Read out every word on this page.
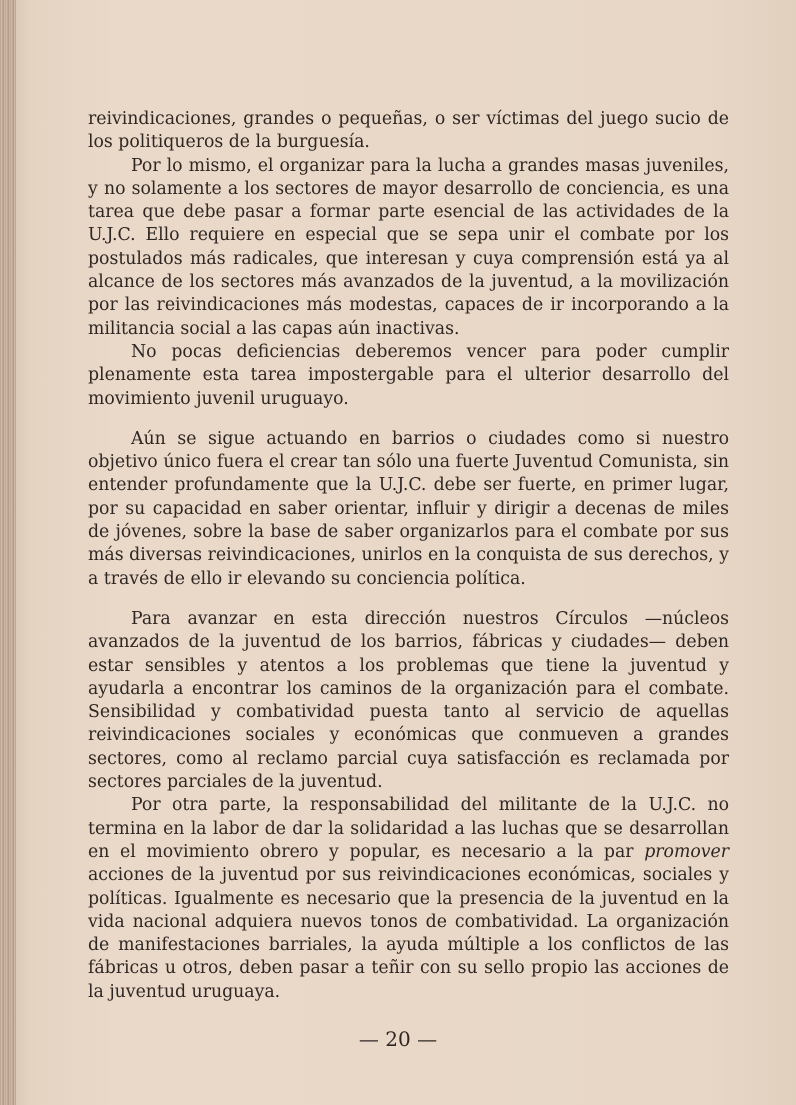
reivindicaciones, grandes o pequeñas, o ser víctimas del juego sucio de los politiqueros de la burguesía.

Por lo mismo, el organizar para la lucha a grandes masas juveniles, y no solamente a los sectores de mayor desarrollo de conciencia, es una tarea que debe pasar a formar parte esencial de las actividades de la U.J.C. Ello requiere en especial que se sepa unir el combate por los postulados más radicales, que interesan y cuya comprensión está ya al alcance de los sectores más avanzados de la juventud, a la movilización por las reivindicaciones más modestas, capaces de ir incorporando a la militancia social a las capas aún inactivas.

No pocas deficiencias deberemos vencer para poder cumplir plenamente esta tarea impostergable para el ulterior desarrollo del movimiento juvenil uruguayo.

Aún se sigue actuando en barrios o ciudades como si nuestro objetivo único fuera el crear tan sólo una fuerte Juventud Comunista, sin entender profundamente que la U.J.C. debe ser fuerte, en primer lugar, por su capacidad en saber orientar, influir y dirigir a decenas de miles de jóvenes, sobre la base de saber organizarlos para el combate por sus más diversas reivindicaciones, unirlos en la conquista de sus derechos, y a través de ello ir elevando su conciencia política.

Para avanzar en esta dirección nuestros Círculos —núcleos avanzados de la juventud de los barrios, fábricas y ciudades— deben estar sensibles y atentos a los problemas que tiene la juventud y ayudarla a encontrar los caminos de la organización para el combate. Sensibilidad y combatividad puesta tanto al servicio de aquellas reivindicaciones sociales y económicas que conmueven a grandes sectores, como al reclamo parcial cuya satisfacción es reclamada por sectores parciales de la juventud.

Por otra parte, la responsabilidad del militante de la U.J.C. no termina en la labor de dar la solidaridad a las luchas que se desarrollan en el movimiento obrero y popular, es necesario a la par promover acciones de la juventud por sus reivindicaciones económicas, sociales y políticas. Igualmente es necesario que la presencia de la juventud en la vida nacional adquiera nuevos tonos de combatividad. La organización de manifestaciones barriales, la ayuda múltiple a los conflictos de las fábricas u otros, deben pasar a teñir con su sello propio las acciones de la juventud uruguaya.

— 20 —
